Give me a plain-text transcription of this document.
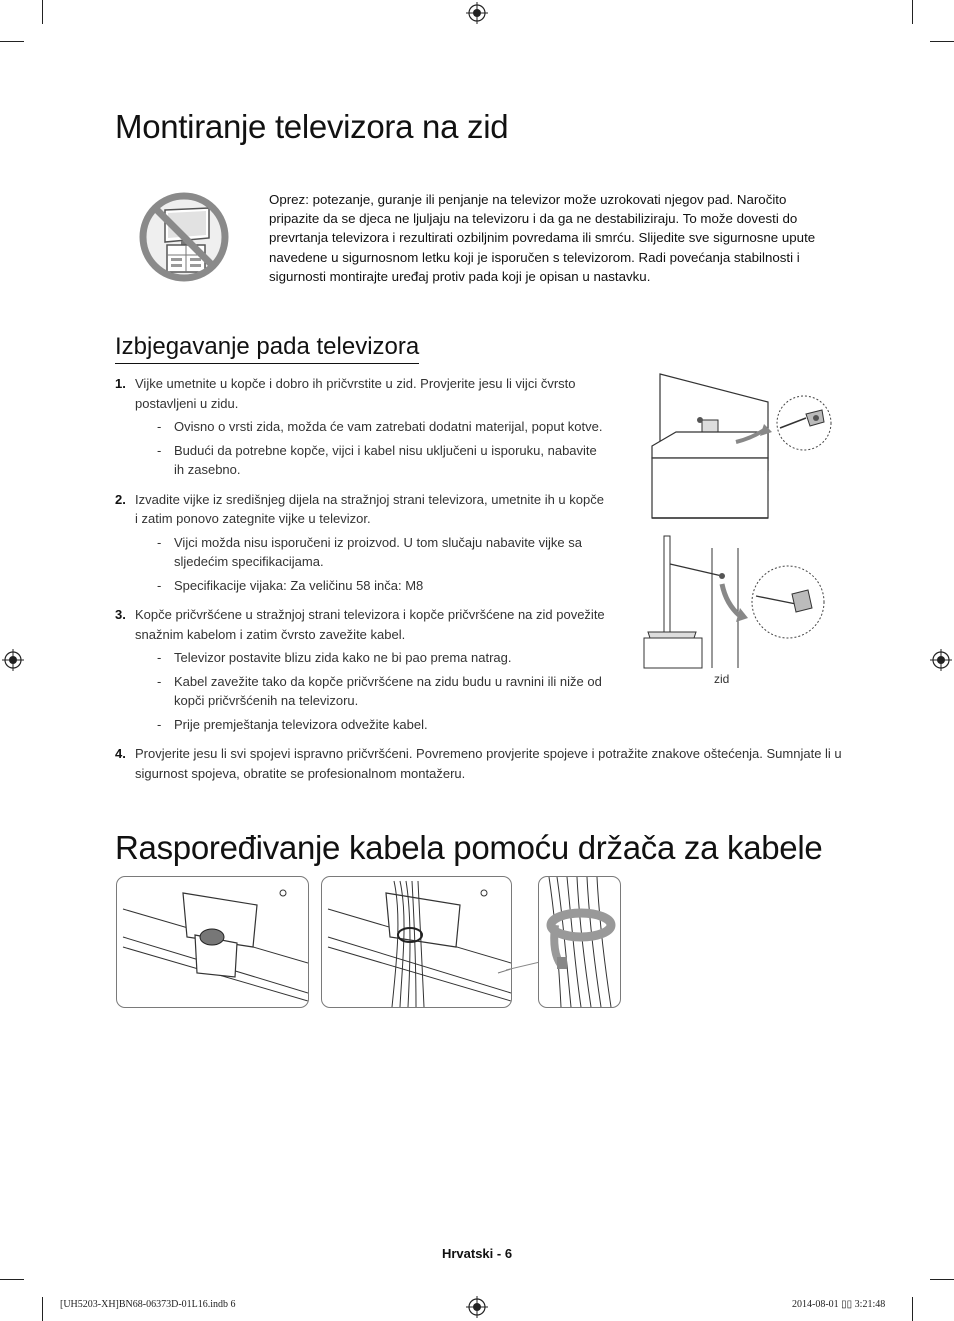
Montiranje televizora na zid

Oprez: potezanje, guranje ili penjanje na televizor može uzrokovati njegov pad. Naročito pripazite da se djeca ne ljuljaju na televizoru i da ga ne destabiliziraju. To može dovesti do prevrtanja televizora i rezultirati ozbiljnim povredama ili smrću. Slijedite sve sigurnosne upute navedene u sigurnosnom letku koji je isporučen s televizorom. Radi povećanja stabilnosti i sigurnosti montirajte uređaj protiv pada koji je opisan u nastavku.

Izbjegavanje pada televizora
1. Vijke umetnite u kopče i dobro ih pričvrstite u zid. Provjerite jesu li vijci čvrsto postavljeni u zidu.
- Ovisno o vrsti zida, možda će vam zatrebati dodatni materijal, poput kotve.
- Budući da potrebne kopče, vijci i kabel nisu uključeni u isporuku, nabavite ih zasebno.
2. Izvadite vijke iz središnjeg dijela na stražnjoj strani televizora, umetnite ih u kopče i zatim ponovo zategnite vijke u televizor.
- Vijci možda nisu isporučeni iz proizvod. U tom slučaju nabavite vijke sa sljedećim specifikacijama.
- Specifikacije vijaka: Za veličinu 58 inča: M8
3. Kopče pričvršćene u stražnjoj strani televizora i kopče pričvršćene na zid povežite snažnim kabelom i zatim čvrsto zavežite kabel.
- Televizor postavite blizu zida kako ne bi pao prema natrag.
- Kabel zavežite tako da kopče pričvršćene na zidu budu u ravnini ili niže od kopči pričvršćenih na televizoru.
- Prije premještanja televizora odvežite kabel.
4. Provjerite jesu li svi spojevi ispravno pričvršćeni. Povremeno provjerite spojeve i potražite znakove oštećenja. Sumnjate li u sigurnost spojeva, obratite se profesionalnom montažeru.
zid
Raspoređivanje kabela pomoću držača za kabele
Hrvatski - 6
[UH5203-XH]BN68-06373D-01L16.indb 6	2014-08-01 ▯▯ 3:21:48
